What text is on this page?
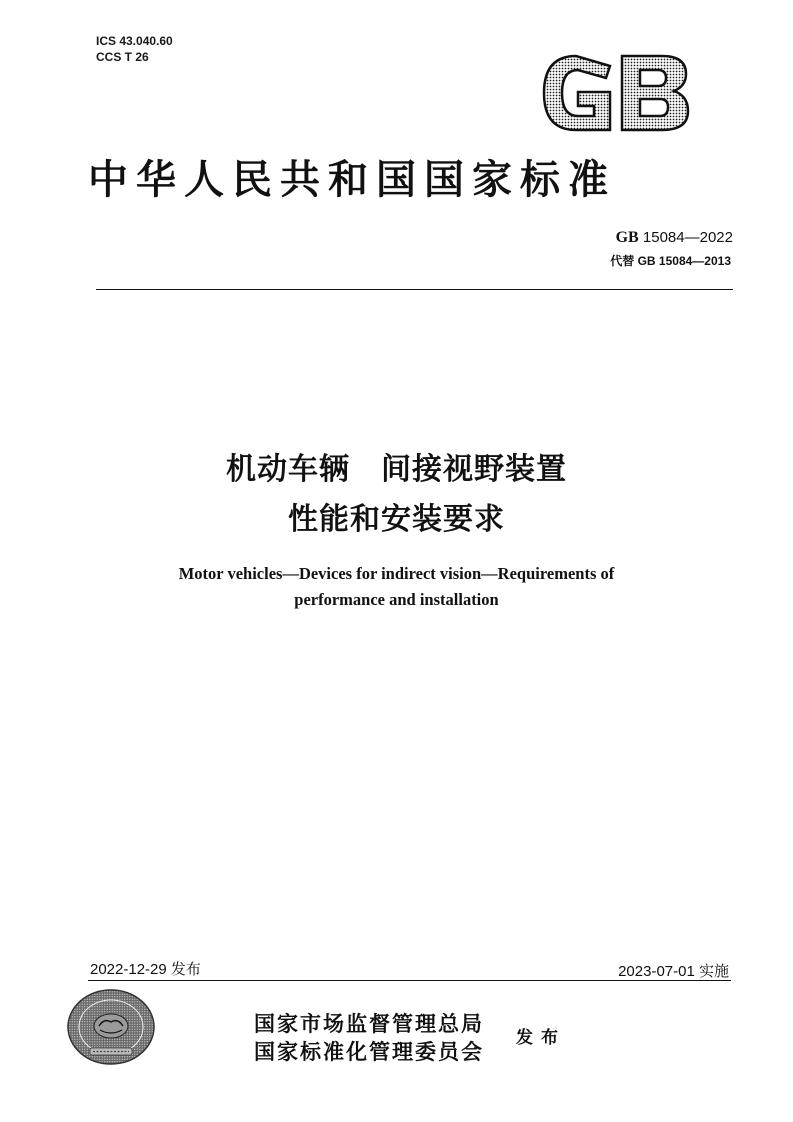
ICS 43.040.60
CCS T 26
中华人民共和国国家标准
GB 15084—2022
代替 GB 15084—2013
机动车辆　间接视野装置
性能和安装要求
Motor vehicles—Devices for indirect vision—Requirements of
performance and installation
2022-12-29 发布	2023-07-01 实施
国家市场监督管理总局
国家标准化管理委员会
发布
